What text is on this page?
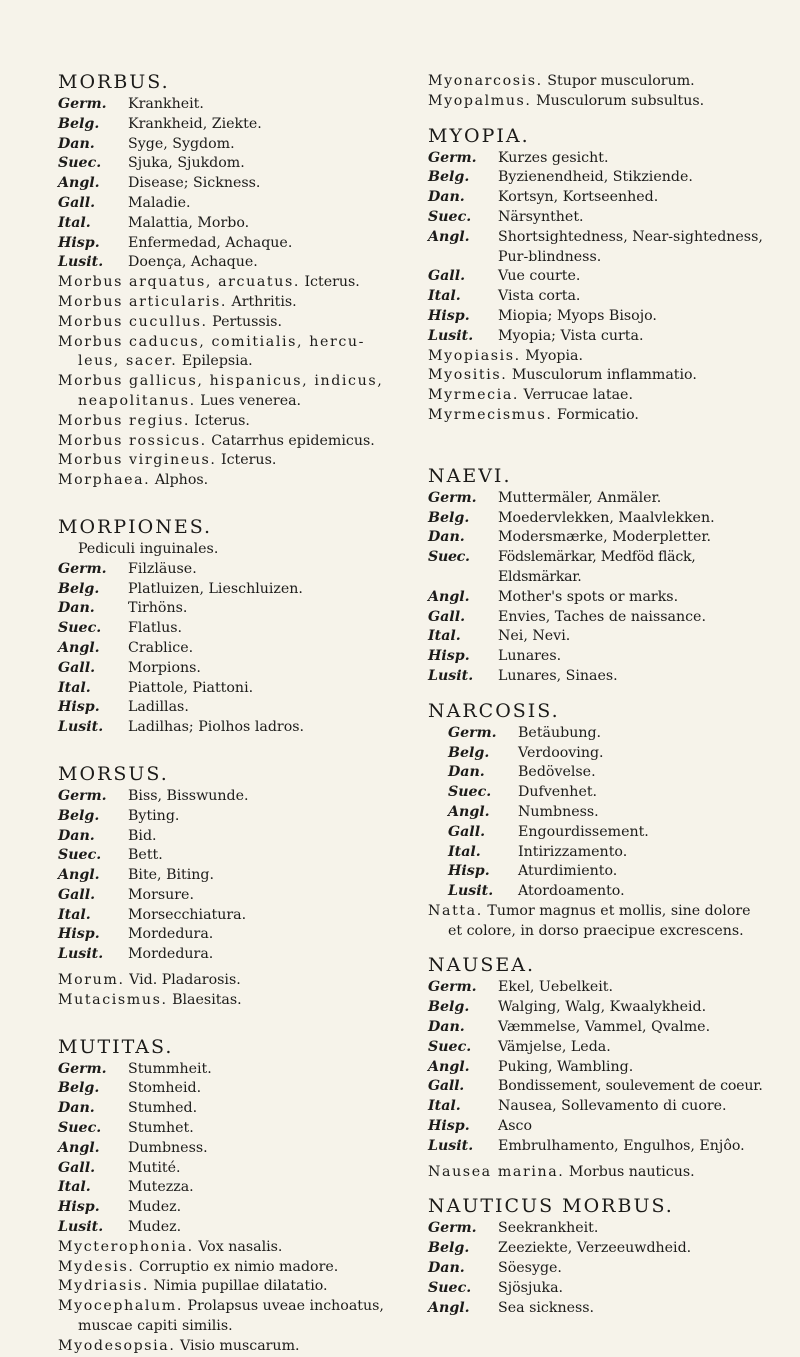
MORBUS.
Germ.	Krankheit.
Belg.	Krankheid, Ziekte.
Dan.	Syge, Sygdom.
Suec.	Sjuka, Sjukdom.
Angl.	Disease; Sickness.
Gall.	Maladie.
Ital.	Malattia, Morbo.
Hisp.	Enfermedad, Achaque.
Lusit.	Doença, Achaque.
Morbus arquatus, arcuatus. Icterus.
Morbus articularis. Arthritis.
Morbus cucullus. Pertussis.
Morbus caducus, comitialis, hercu-
leus, sacer. Epilepsia.
Morbus gallicus, hispanicus, indicus,
neapolitanus. Lues venerea.
Morbus regius. Icterus.
Morbus rossicus. Catarrhus epidemicus.
Morbus virgineus. Icterus.
Morphaea. Alphos.
MORPIONES.
Pediculi inguinales.
Germ.	Filzläuse.
Belg.	Platluizen, Lieschluizen.
Dan.	Tirhöns.
Suec.	Flatlus.
Angl.	Crablice.
Gall.	Morpions.
Ital.	Piattole, Piattoni.
Hisp.	Ladillas.
Lusit.	Ladilhas; Piolhos ladros.
MORSUS.
Germ.	Biss, Bisswunde.
Belg.	Byting.
Dan.	Bid.
Suec.	Bett.
Angl.	Bite, Biting.
Gall.	Morsure.
Ital.	Morsecchiatura.
Hisp.	Mordedura.
Lusit.	Mordedura.
Morum. Vid. Pladarosis.
Mutacismus. Blaesitas.
MUTITAS.
Germ.	Stummheit.
Belg.	Stomheid.
Dan.	Stumhed.
Suec.	Stumhet.
Angl.	Dumbness.
Gall.	Mutité.
Ital.	Mutezza.
Hisp.	Mudez.
Lusit.	Mudez.
Mycterophonia. Vox nasalis.
Mydesis. Corruptio ex nimio madore.
Mydriasis. Nimia pupillae dilatatio.
Myocephalum. Prolapsus uveae inchoatus,
muscae capiti similis.
Myodesopsia. Visio muscarum.
Myonarcosis. Stupor musculorum.
Myopalmus. Musculorum subsultus.
MYOPIA.
Germ.	Kurzes gesicht.
Belg.	Byzienendheid, Stikziende.
Dan.	Kortsyn, Kortseenhed.
Suec.	Närsynthet.
Angl.	Shortsightedness, Near-sightedness, Pur-blindness.
Gall.	Vue courte.
Ital.	Vista corta.
Hisp.	Miopia; Myops Bisojo.
Lusit.	Myopia; Vista curta.
Myopiasis. Myopia.
Myositis. Musculorum inflammatio.
Myrmecia. Verrucae latae.
Myrmecismus. Formicatio.
NAEVI.
Germ.	Muttermäler, Anmäler.
Belg.	Moedervlekken, Maalvlekken.
Dan.	Modersmærke, Moderpletter.
Suec.	Födslemärkar, Medföd fläck, Eldsmärkar.
Angl.	Mother's spots or marks.
Gall.	Envies, Taches de naissance.
Ital.	Nei, Nevi.
Hisp.	Lunares.
Lusit.	Lunares, Sinaes.
NARCOSIS.
Germ.	Betäubung.
Belg.	Verdooving.
Dan.	Bedövelse.
Suec.	Dufvenhet.
Angl.	Numbness.
Gall.	Engourdissement.
Ital.	Intirizzamento.
Hisp.	Aturdimiento.
Lusit.	Atordoamento.
Natta. Tumor magnus et mollis, sine dolore
et colore, in dorso praecipue excrescens.
NAUSEA.
Germ.	Ekel, Uebelkeit.
Belg.	Walging, Walg, Kwaalykheid.
Dan.	Væmmelse, Vammel, Qvalme.
Suec.	Vämjelse, Leda.
Angl.	Puking, Wambling.
Gall.	Bondissement, soulevement de coeur.
Ital.	Nausea, Sollevamento di cuore.
Hisp.	Asco
Lusit.	Embrulhamento, Engulhos, Enjôo.
Nausea marina. Morbus nauticus.
NAUTICUS MORBUS.
Germ.	Seekrankheit.
Belg.	Zeeziekte, Verzeeuwdheid.
Dan.	Söesyge.
Suec.	Sjösjuka.
Angl.	Sea sickness.
